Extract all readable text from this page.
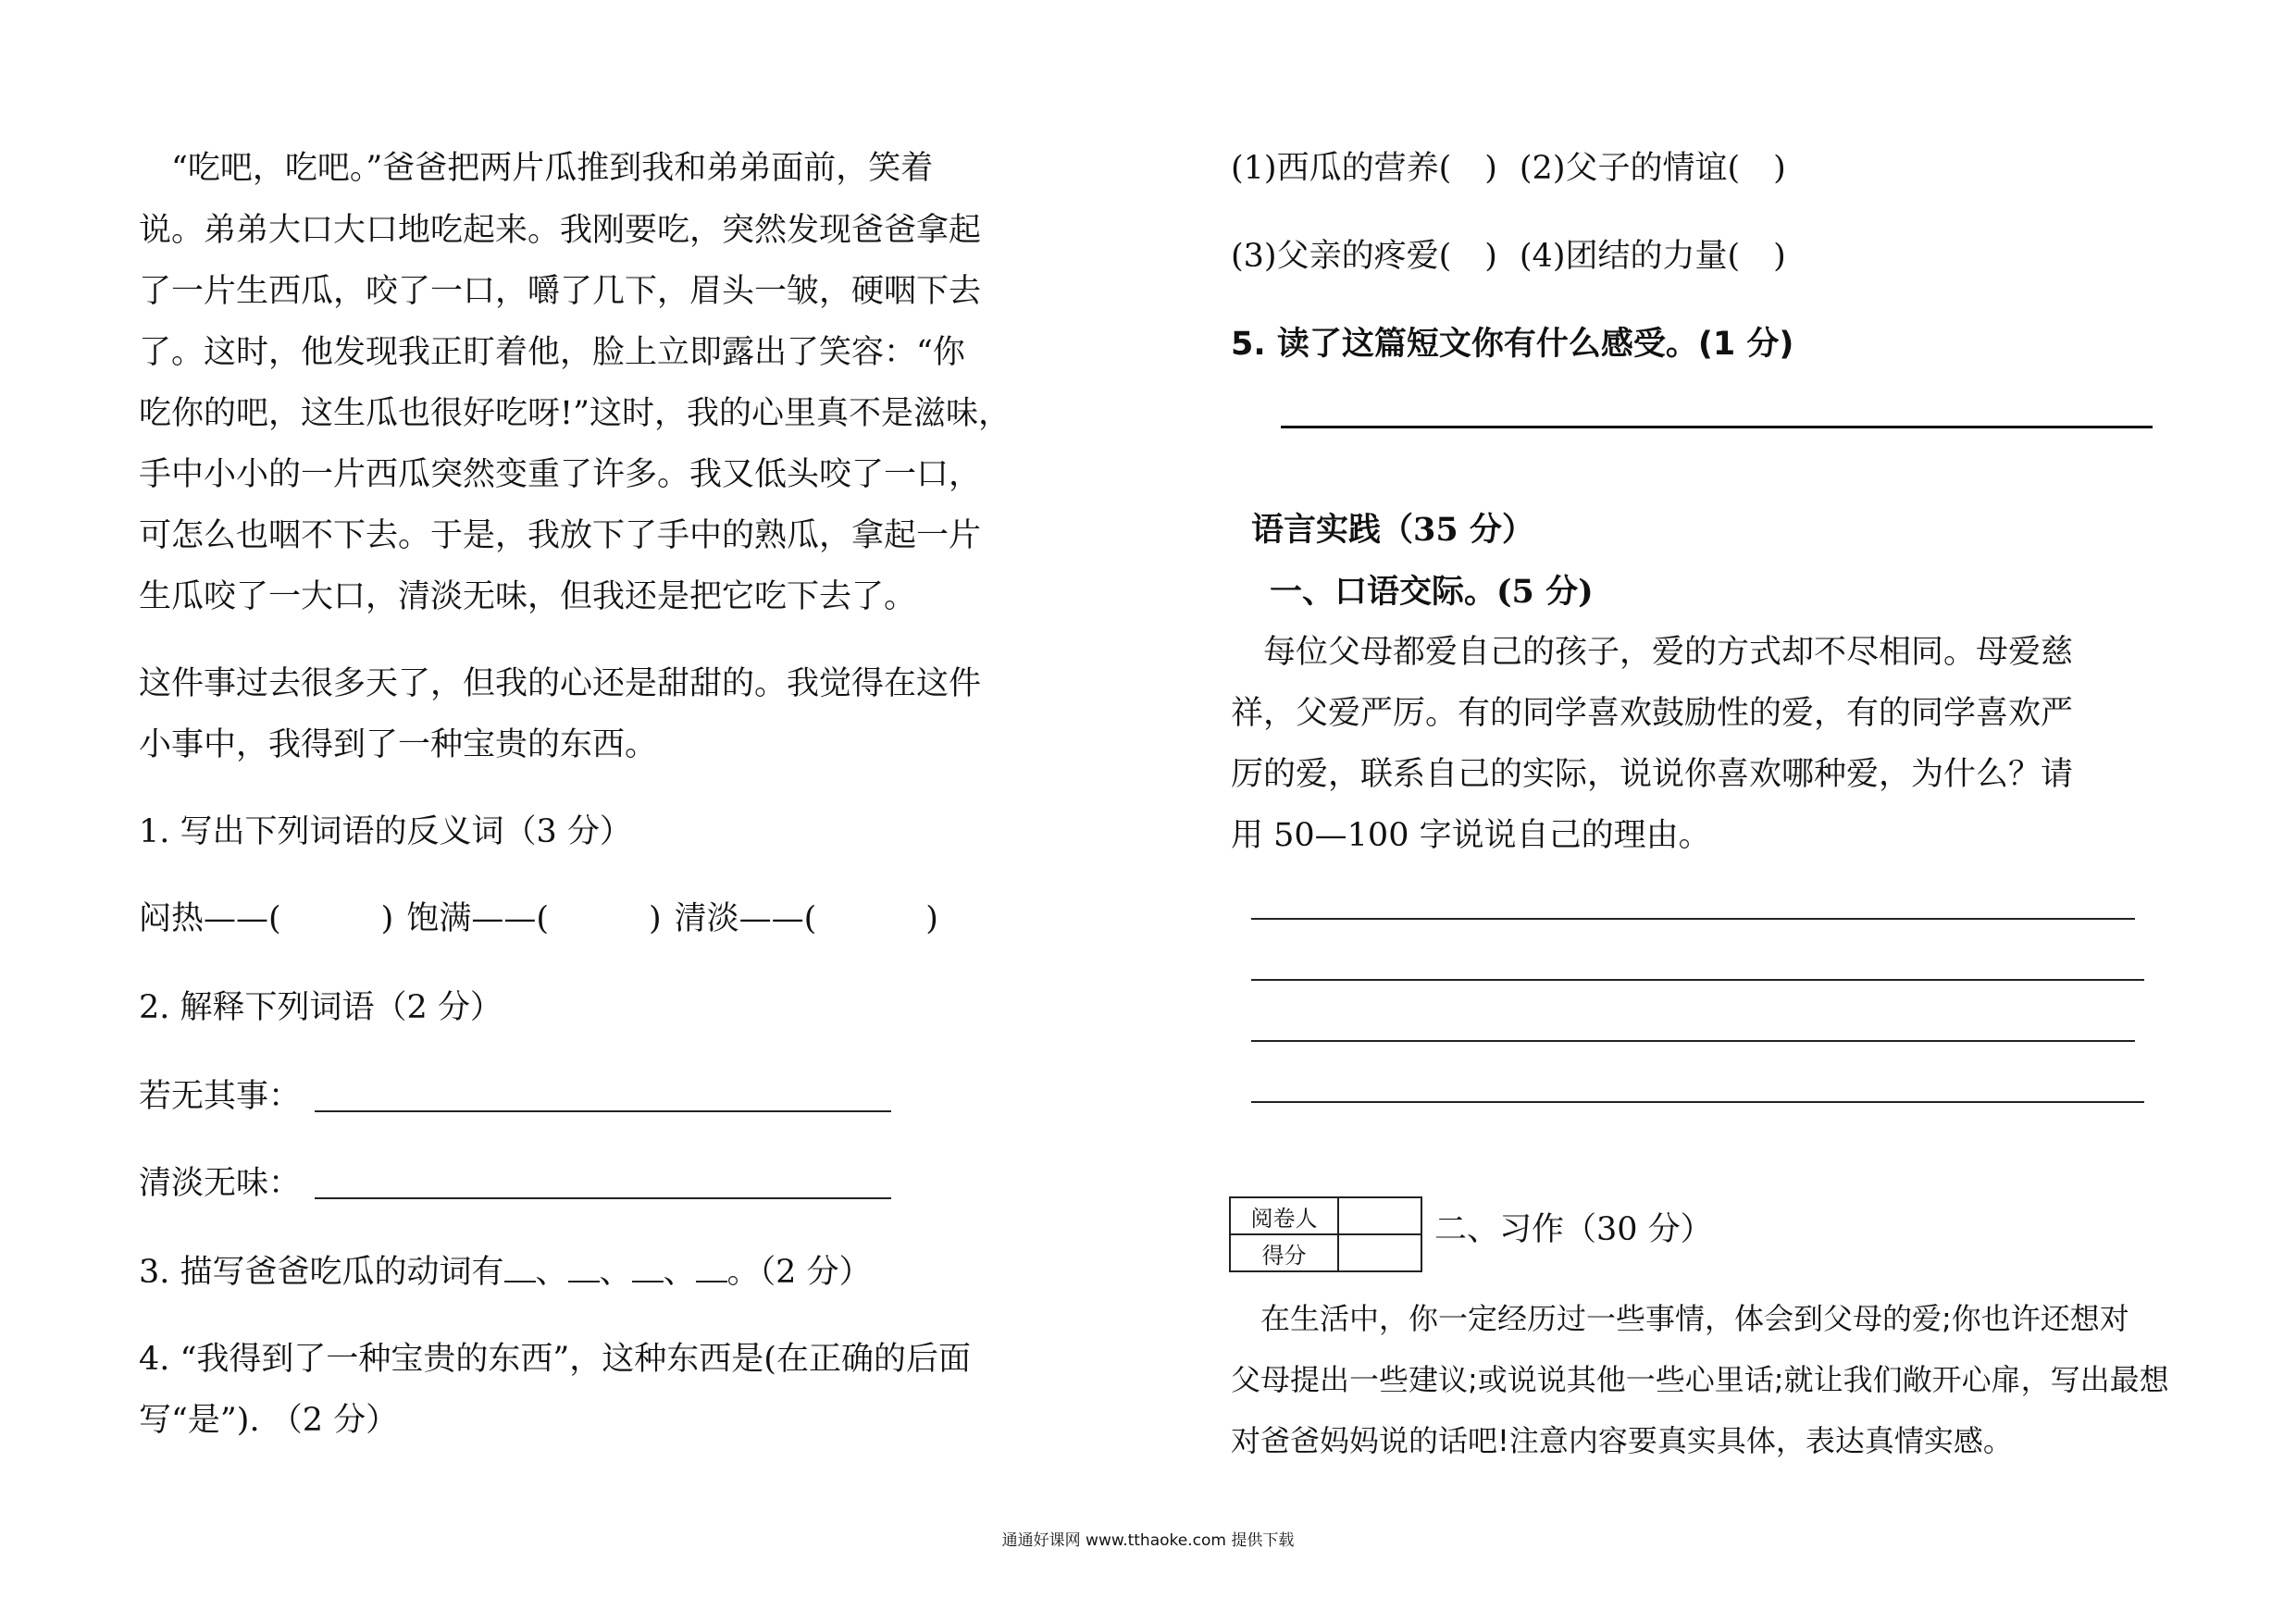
　“吃吧，吃吧。”爸爸把两片瓜推到我和弟弟面前，笑着
说。弟弟大口大口地吃起来。我刚要吃，突然发现爸爸拿起
了一片生西瓜，咬了一口，嚼了几下，眉头一皱，硬咽下去
了。这时，他发现我正盯着他，脸上立即露出了笑容：“你
吃你的吧，这生瓜也很好吃呀!”这时，我的心里真不是滋味，
手中小小的一片西瓜突然变重了许多。我又低头咬了一口，
可怎么也咽不下去。于是，我放下了手中的熟瓜，拿起一片
生瓜咬了一大口，清淡无味，但我还是把它吃下去了。
这件事过去很多天了，但我的心还是甜甜的。我觉得在这件
小事中，我得到了一种宝贵的东西。
1. 写出下列词语的反义词（3 分）
闷热——(	) 饱满——(	) 清淡——(	)
2. 解释下列词语（2 分）
若无其事：
清淡无味：
3. 描写爸爸吃瓜的动词有 、 、 、 。（2 分）
4. “我得到了一种宝贵的东西”，这种东西是(在正确的后面
写“是”). （2 分）
(1)西瓜的营养( ) (2)父子的情谊( )
(3)父亲的疼爱( ) (4)团结的力量( )
5. 读了这篇短文你有什么感受。(1 分)
语言实践（35 分）
一、口语交际。(5 分)
　每位父母都爱自己的孩子，爱的方式却不尽相同。母爱慈
祥，父爱严厉。有的同学喜欢鼓励性的爱，有的同学喜欢严
厉的爱，联系自己的实际，说说你喜欢哪种爱，为什么？请
用 50—100 字说说自己的理由。
阅卷人	
得分	
二、习作（30 分）
　在生活中，你一定经历过一些事情，体会到父母的爱;你也许还想对
父母提出一些建议;或说说其他一些心里话;就让我们敞开心扉，写出最想
对爸爸妈妈说的话吧!注意内容要真实具体，表达真情实感。
通通好课网 www.tthaoke.com 提供下载
